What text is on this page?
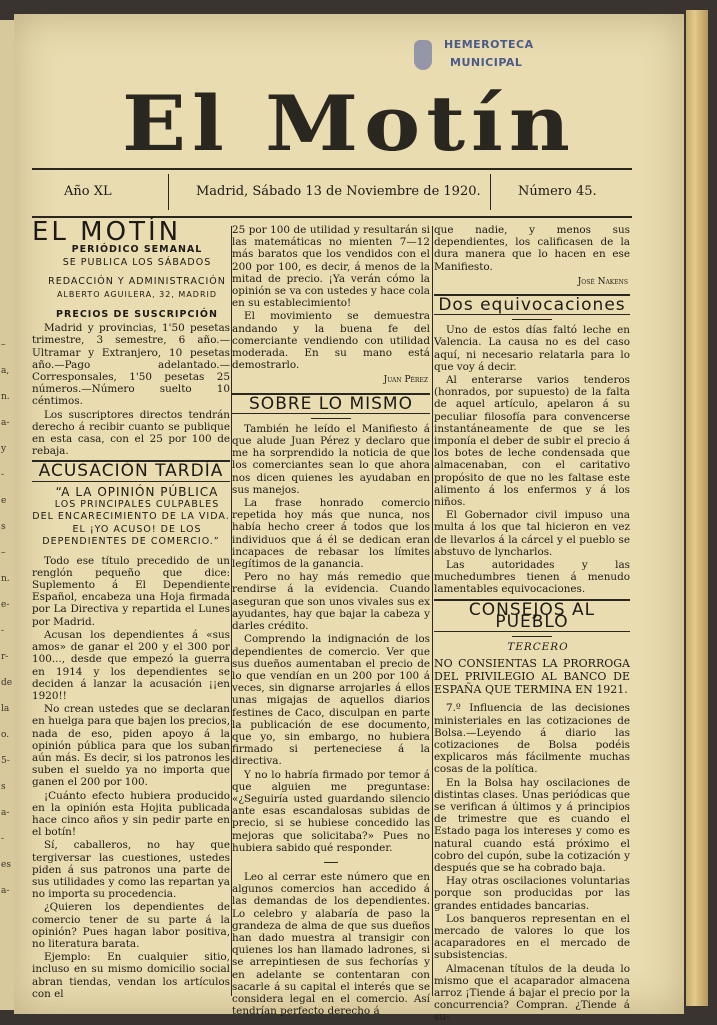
HEMEROTECA
MUNICIPAL
El Motín
Año XL	Madrid, Sábado 13 de Noviembre de 1920.	Número 45.
EL MOTÍN

PERIÓDICO SEMANAL

SE PUBLICA LOS SÁBADOS

REDACCIÓN Y ADMINISTRACIÓN

ALBERTO AGUILERA, 32, MADRID

PRECIOS DE SUSCRIPCIÓN

Madrid y provincias, 1'50 pesetas trimestre, 3 semestre, 6 año.—Ultramar y Extranjero, 10 pesetas año.—Pago adelantado.—Corresponsales, 1'50 pesetas 25 números.—Número suelto 10 céntimos.

Los suscriptores directos tendrán derecho á recibir cuanto se publique en esta casa, con el 25 por 100 de rebaja.

ACUSACIÓN TARDÍA

“A LA OPINIÓN PÚBLICA

LOS PRINCIPALES CULPABLES DEL ENCARECIMIENTO DE LA VIDA.

EL ¡YO ACUSO! DE LOS DEPENDIENTES DE COMERCIO.”

Todo ese título precedido de un renglón pequeño que dice: Suplemento á El Dependiente Español, encabeza una Hoja firmada por La Directiva y repartida el Lunes por Madrid.

Acusan los dependientes á «sus amos» de ganar el 200 y el 300 por 100..., desde que empezó la guerra en 1914 y los dependientes se deciden á lanzar la acusación ¡¡en 1920!!

No crean ustedes que se declaran en huelga para que bajen los precios, nada de eso, piden apoyo á la opinión pública para que los suban aún más. Es decir, si los patronos les suben el sueldo ya no importa que ganen el 200 por 100.

¡Cuánto efecto hubiera producido en la opinión esta Hojita publicada hace cinco años y sin pedir parte en el botín!

Sí, caballeros, no hay que tergiversar las cuestiones, ustedes piden á sus patronos una parte de sus utilidades y como las repartan ya no importa su procedencia.

¿Quieren los dependientes de comercio tener de su parte á la opinión? Pues hagan labor positiva, no literatura barata.

Ejemplo: En cualquier sitio, incluso en su mismo domicilio social abran tiendas, vendan los artículos con el

25 por 100 de utilidad y resultarán si las matemáticas no mienten 7—12 más baratos que los vendidos con el 200 por 100, es decir, á menos de la mitad de precio. ¡Ya verán cómo la opinión se va con ustedes y hace cola en su establecimiento!

El movimiento se demuestra andando y la buena fe del comerciante vendiendo con utilidad moderada. En su mano está demostrarlo.

Juan Pérez
SOBRE LO MISMO

También he leído el Manifiesto á que alude Juan Pérez y declaro que me ha sorprendido la noticia de que los comerciantes sean lo que ahora nos dicen quienes les ayudaban en sus manejos.

La frase honrado comercio repetida hoy más que nunca, nos había hecho creer á todos que los individuos que á él se dedican eran incapaces de rebasar los límites legítimos de la ganancia.

Pero no hay más remedio que rendirse á la evidencia. Cuando aseguran que son unos vivales sus ex ayudantes, hay que bajar la cabeza y darles crédito.

Comprendo la indignación de los dependientes de comercio. Ver que sus dueños aumentaban el precio de lo que vendían en un 200 por 100 á veces, sin dignarse arrojarles á ellos unas migajas de aquellos diarios festines de Caco, disculpan en parte la publicación de ese documento, que yo, sin embargo, no hubiera firmado si perteneciese á la directiva.

Y no lo habría firmado por temor á que alguien me preguntase: «¿Seguiría usted guardando silencio ante esas escandalosas subidas de precio, si se hubiese concedido las mejoras que solicitaba?» Pues no hubiera sabido qué responder.

Leo al cerrar este número que en algunos comercios han accedido á las demandas de los dependientes. Lo celebro y alabaría de paso la grandeza de alma de que sus dueños han dado muestra al transigir con quienes los han llamado ladrones, si se arrepintiesen de sus fechorías y en adelante se contentaran con sacarle á su capital el interés que se considera legal en el comercio. Así tendrían perfecto derecho á

que nadie, y menos sus dependientes, los calificasen de la dura manera que lo hacen en ese Manifiesto.

José Nakens
Dos equivocaciones

Uno de estos días faltó leche en Valencia. La causa no es del caso aquí, ni necesario relatarla para lo que voy á decir.

Al enterarse varios tenderos (honrados, por supuesto) de la falta de aquel artículo, apelaron á su peculiar filosofía para convencerse instantáneamente de que se les imponía el deber de subir el precio á los botes de leche condensada que almacenaban, con el caritativo propósito de que no les faltase este alimento á los enfermos y á los niños.

El Gobernador civil impuso una multa á los que tal hicieron en vez de llevarlos á la cárcel y el pueblo se abstuvo de lyncharlos.

Las autoridades y las muchedumbres tienen á menudo lamentables equivocaciones.

CONSEJOS AL PUEBLO

TERCERO

NO CONSIENTAS LA PRORROGA DEL PRIVILEGIO AL BANCO DE ESPAÑA QUE TERMINA EN 1921.

7.º Influencia de las decisiones ministeriales en las cotizaciones de Bolsa.—Leyendo á diario las cotizaciones de Bolsa podéis explicaros más fácilmente muchas cosas de la política.

En la Bolsa hay oscilaciones de distintas clases. Unas periódicas que se verifican á últimos y á principios de trimestre que es cuando el Estado paga los intereses y como es natural cuando está próximo el cobro del cupón, sube la cotización y después que se ha cobrado baja.

Hay otras oscilaciones voluntarias porque son producidas por las grandes entidades bancarias.

Los banqueros representan en el mercado de valores lo que los acaparadores en el mercado de subsistencias.

Almacenan títulos de la deuda lo mismo que el acaparador almacena arroz ¡Tiende á bajar el precio por la concurrencia? Compran. ¿Tiende á su-

–
a,
n.
a-
y
-
e
s
–
n.
e-
-
r-
de
la
o.
5-
s
a-
-
es
a-
